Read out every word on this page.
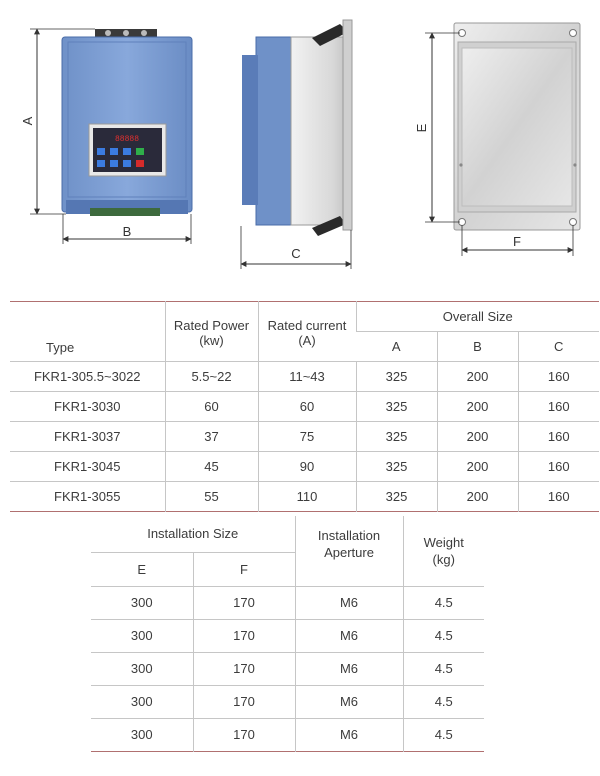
88888
A
B
C
E
F
Type	Rated Power (kw)	Rated current (A)	Overall Size		
			A	B	C
FKR1-305.5~3022	5.5~22	11~43	325	200	160
FKR1-3030	60	60	325	200	160
FKR1-3037	37	75	325	200	160
FKR1-3045	45	90	325	200	160
FKR1-3055	55	110	325	200	160
Installation Size		Installation Aperture	Weight (kg)
E	F		
300	170	M6	4.5
300	170	M6	4.5
300	170	M6	4.5
300	170	M6	4.5
300	170	M6	4.5
